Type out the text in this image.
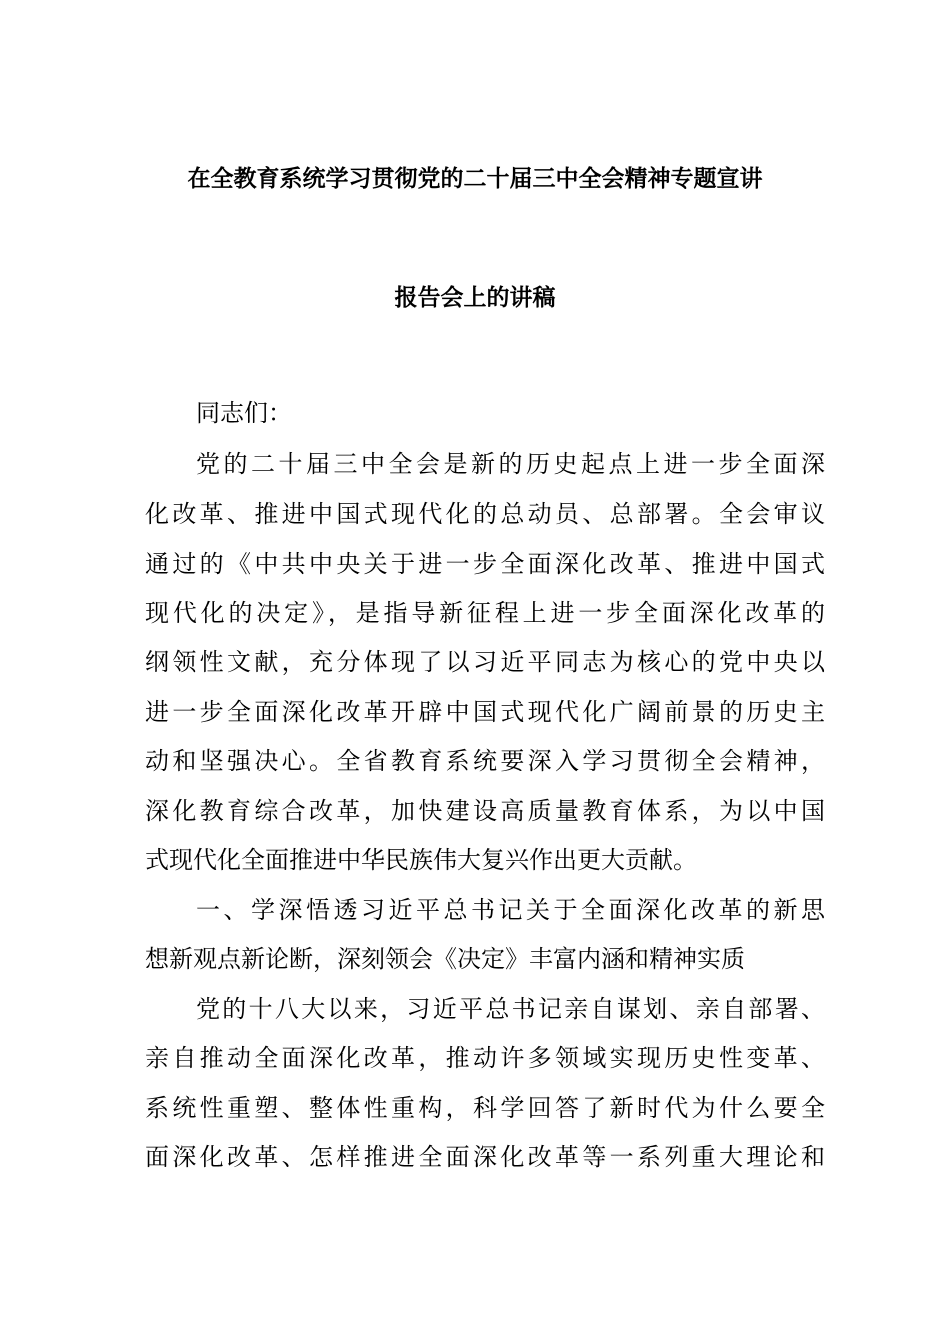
在全教育系统学习贯彻党的二十届三中全会精神专题宣讲
报告会上的讲稿
同志们：
党的二十届三中全会是新的历史起点上进一步全面深
化改革、推进中国式现代化的总动员、总部署。全会审议
通过的《中共中央关于进一步全面深化改革、推进中国式
现代化的决定》，是指导新征程上进一步全面深化改革的
纲领性文献，充分体现了以习近平同志为核心的党中央以
进一步全面深化改革开辟中国式现代化广阔前景的历史主
动和坚强决心。全省教育系统要深入学习贯彻全会精神，
深化教育综合改革，加快建设高质量教育体系，为以中国
式现代化全面推进中华民族伟大复兴作出更大贡献。
一、学深悟透习近平总书记关于全面深化改革的新思
想新观点新论断，深刻领会《决定》丰富内涵和精神实质
党的十八大以来，习近平总书记亲自谋划、亲自部署、
亲自推动全面深化改革，推动许多领域实现历史性变革、
系统性重塑、整体性重构，科学回答了新时代为什么要全
面深化改革、怎样推进全面深化改革等一系列重大理论和
